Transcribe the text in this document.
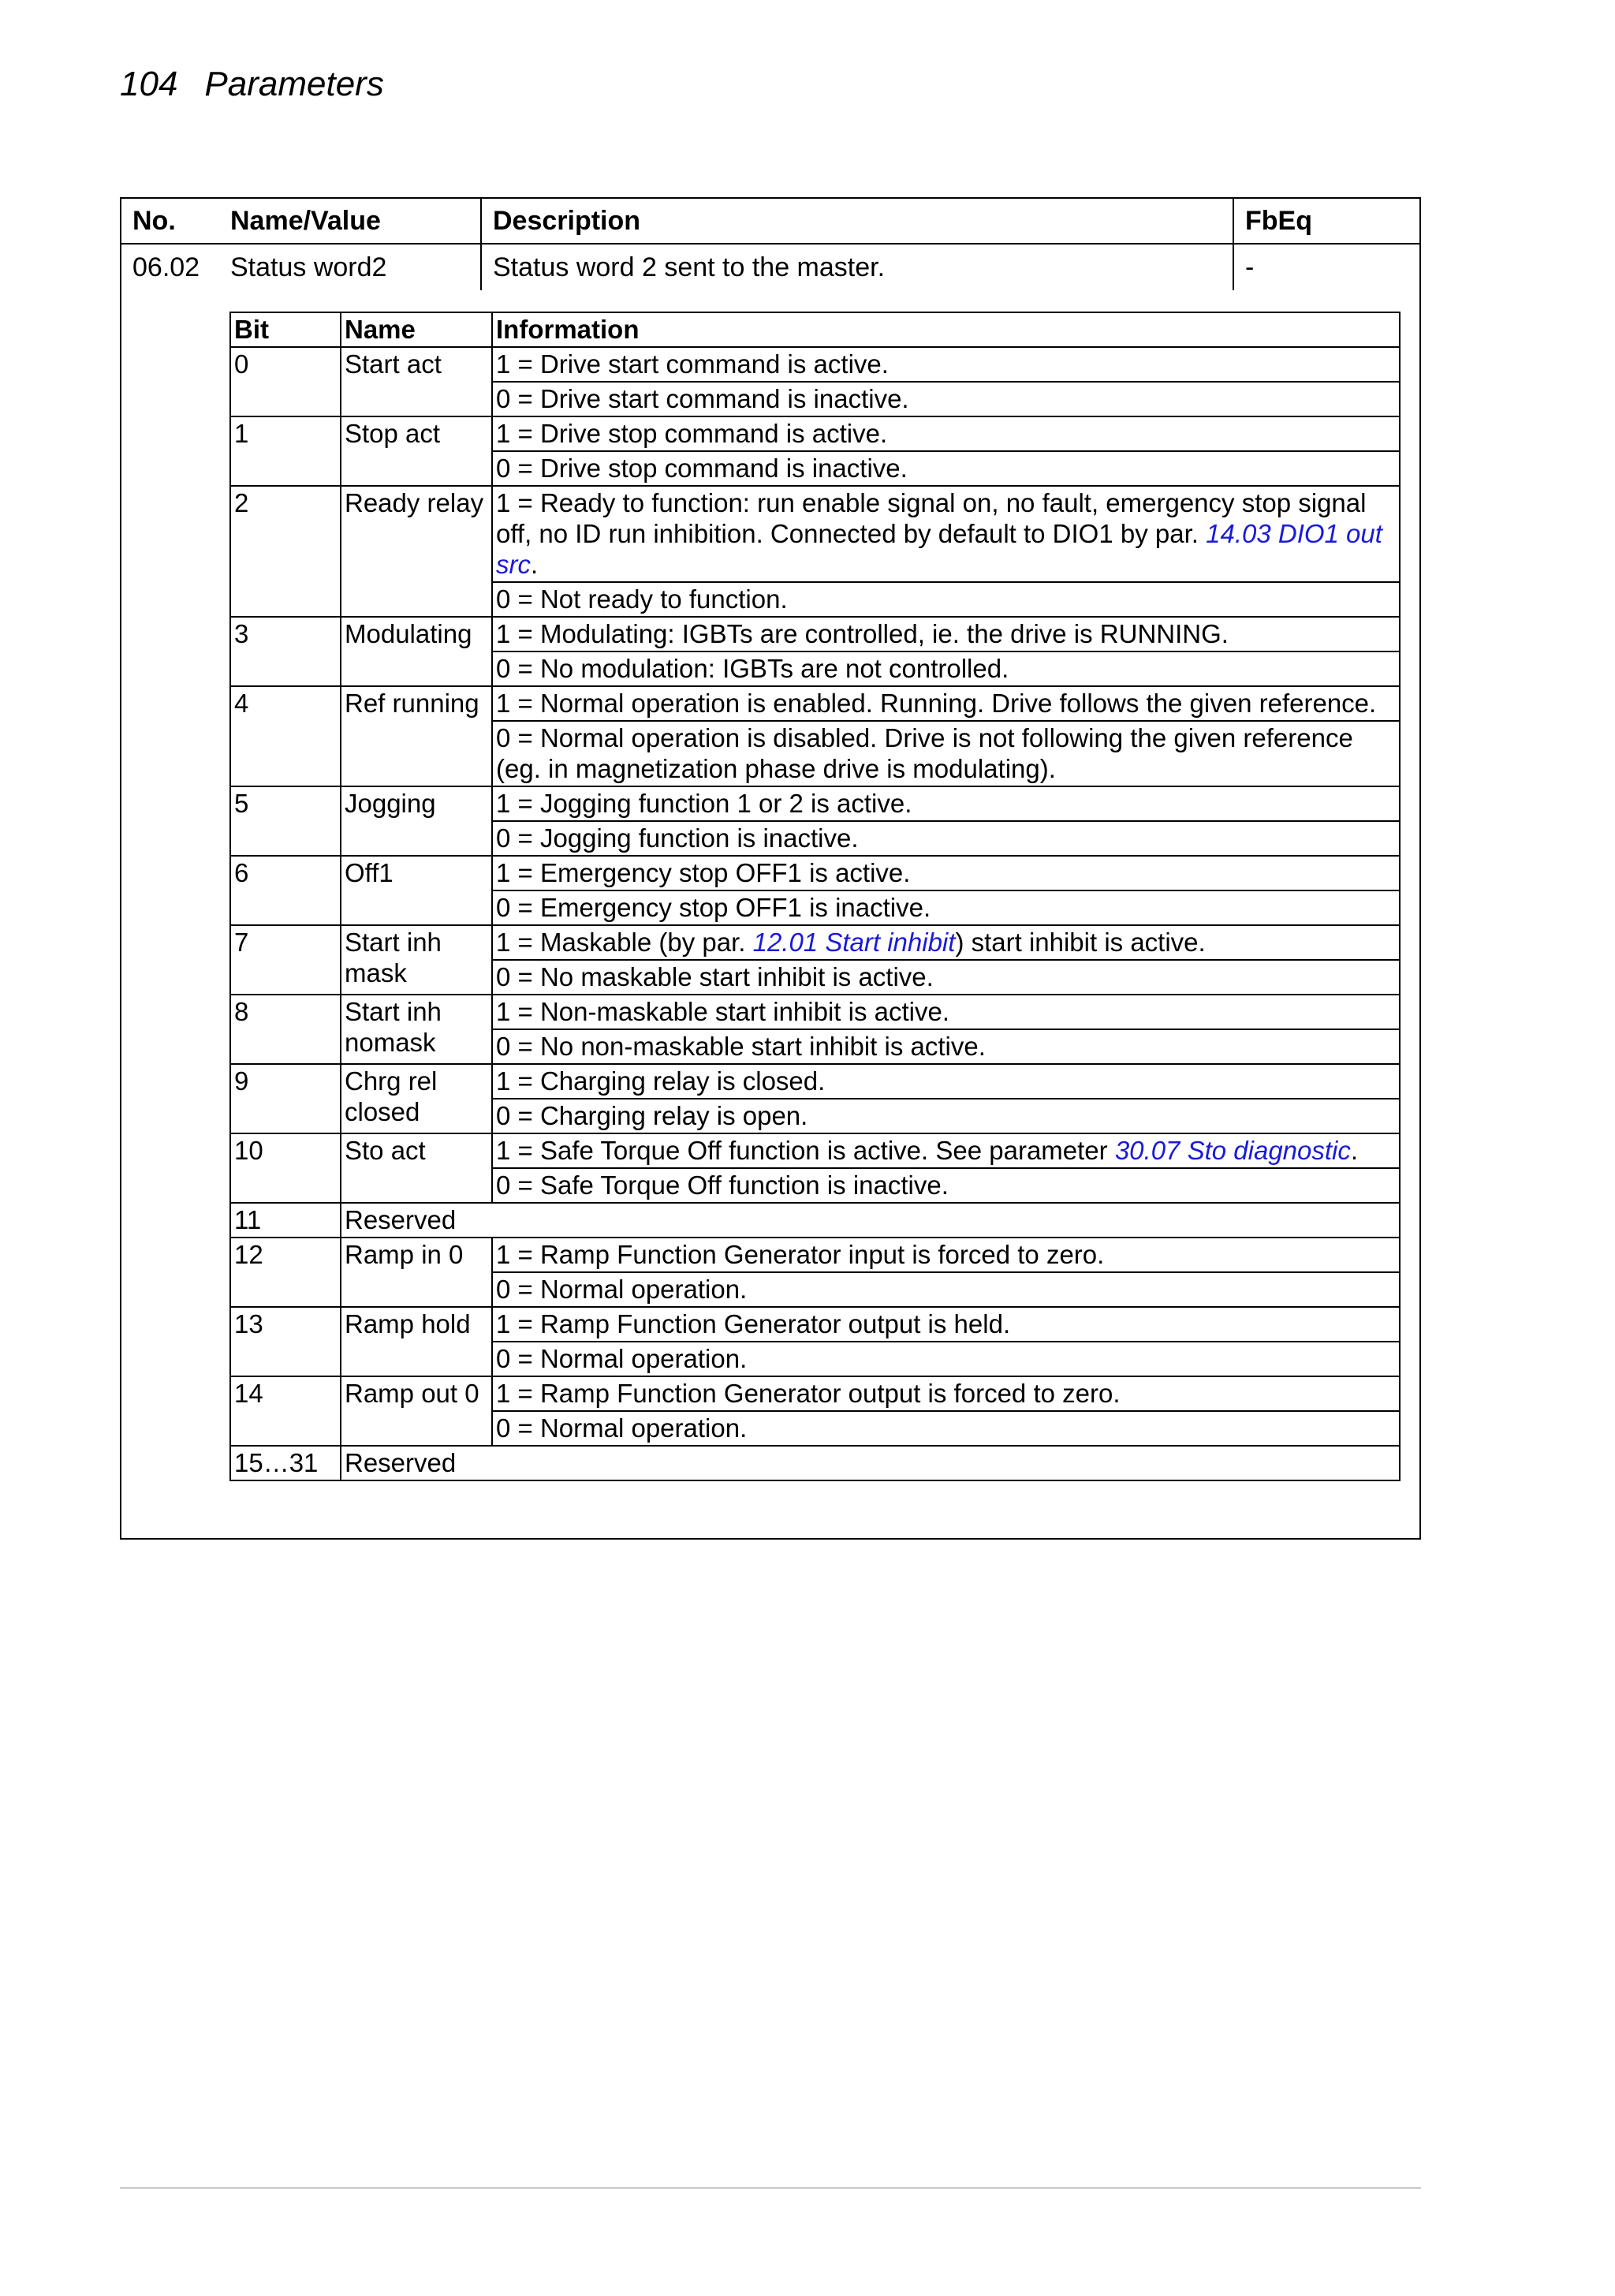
104 Parameters
No.	Name/Value	Description	FbEq
06.02	Status word2	Status word 2 sent to the master.	-
Bit	Name	Information
0	Start act	1 = Drive start command is active.
		0 = Drive start command is inactive.
1	Stop act	1 = Drive stop command is active.
		0 = Drive stop command is inactive.
2	Ready relay	1 = Ready to function: run enable signal on, no fault, emergency stop signal off, no ID run inhibition. Connected by default to DIO1 by par. 14.03 DIO1 out src.
		0 = Not ready to function.
3	Modulating	1 = Modulating: IGBTs are controlled, ie. the drive is RUNNING.
		0 = No modulation: IGBTs are not controlled.
4	Ref running	1 = Normal operation is enabled. Running. Drive follows the given reference.
		0 = Normal operation is disabled. Drive is not following the given reference (eg. in magnetization phase drive is modulating).
5	Jogging	1 = Jogging function 1 or 2 is active.
		0 = Jogging function is inactive.
6	Off1	1 = Emergency stop OFF1 is active.
		0 = Emergency stop OFF1 is inactive.
7	Start inh mask	1 = Maskable (by par. 12.01 Start inhibit) start inhibit is active.
		0 = No maskable start inhibit is active.
8	Start inh nomask	1 = Non-maskable start inhibit is active.
		0 = No non-maskable start inhibit is active.
9	Chrg rel closed	1 = Charging relay is closed.
		0 = Charging relay is open.
10	Sto act	1 = Safe Torque Off function is active. See parameter 30.07 Sto diagnostic.
		0 = Safe Torque Off function is inactive.
11	Reserved	
12	Ramp in 0	1 = Ramp Function Generator input is forced to zero.
		0 = Normal operation.
13	Ramp hold	1 = Ramp Function Generator output is held.
		0 = Normal operation.
14	Ramp out 0	1 = Ramp Function Generator output is forced to zero.
		0 = Normal operation.
15…31	Reserved	
